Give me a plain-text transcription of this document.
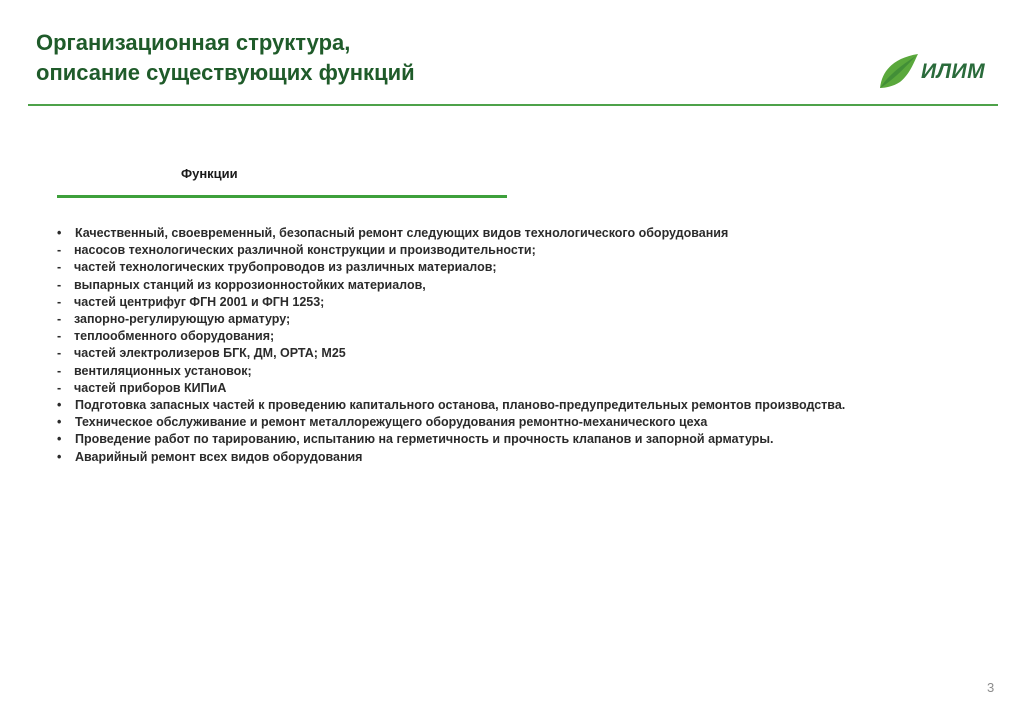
Организационная структура,
описание существующих функций	ИЛИМ
Функции
• Качественный, своевременный, безопасный ремонт следующих видов технологического оборудования
- насосов технологических различной конструкции и производительности;
- частей технологических трубопроводов из различных материалов;
- выпарных станций из коррозионностойких материалов,
- частей центрифуг ФГН 2001 и ФГН 1253;
- запорно-регулирующую арматуру;
- теплообменного оборудования;
- частей электролизеров БГК, ДМ, ОРТА; М25
- вентиляционных установок;
- частей приборов КИПиА
• Подготовка запасных частей к проведению капитального останова, планово-предупредительных ремонтов производства.
• Техническое обслуживание и ремонт металлорежущего оборудования ремонтно-механического цеха
• Проведение работ по тарированию, испытанию на герметичность и прочность клапанов и запорной арматуры.
• Аварийный ремонт всех видов оборудования
3
